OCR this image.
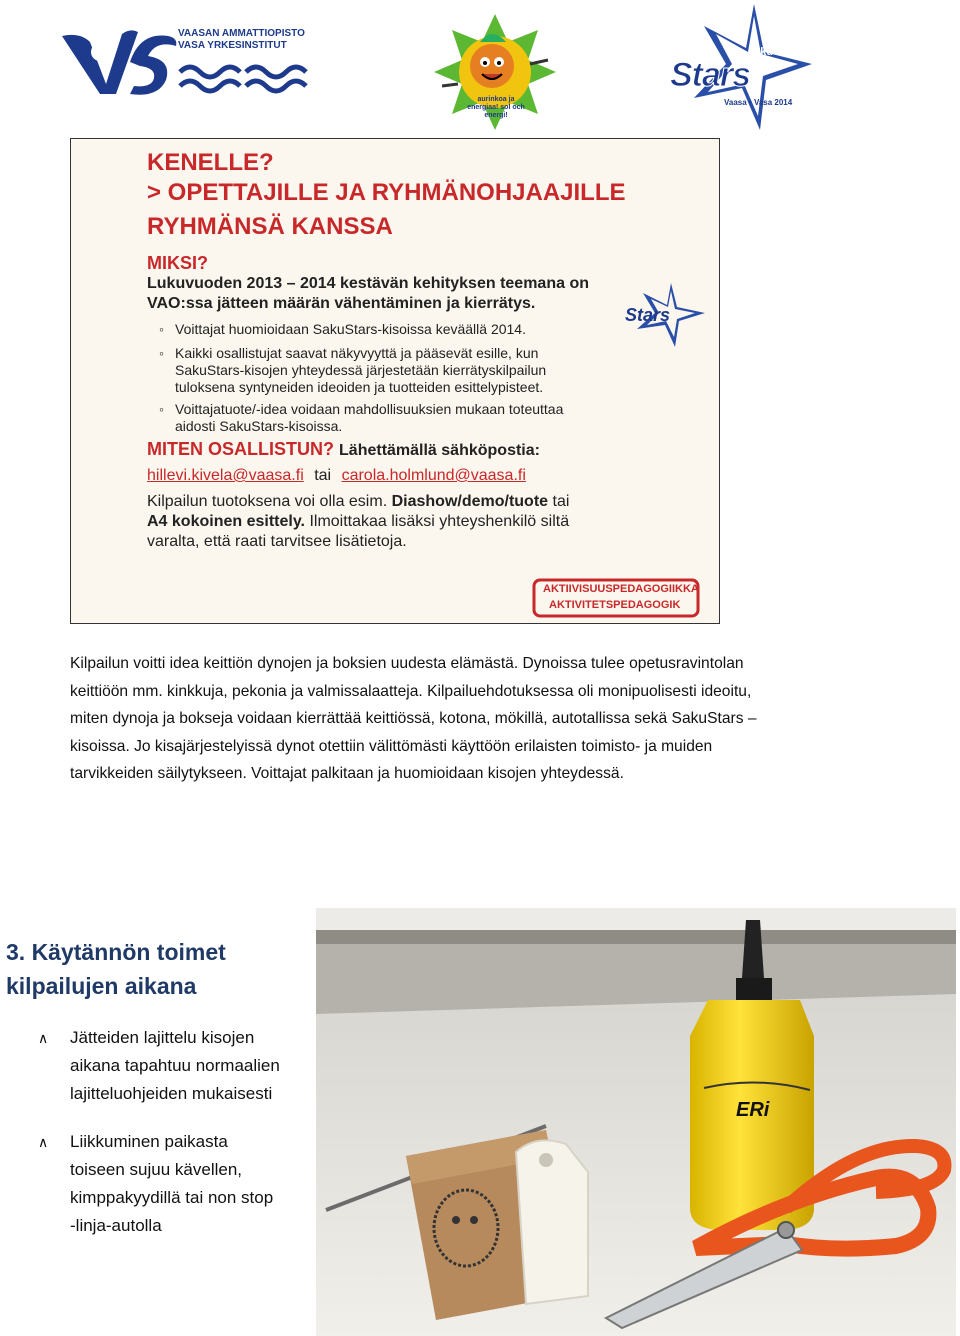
VAASAN AMMATTIOPISTO
VASA YRKESINSTITUT
aurinkoa ja energiaa! sol och energi!
saku
Stars
Vaasa • Vasa 2014
KENELLE?
> OPETTAJILLE JA RYHMÄNOHJAAJILLE
RYHMÄNSÄ KANSSA
MIKSI?
Lukuvuoden 2013 – 2014 kestävän kehityksen teemana on
VAO:ssa jätteen määrän vähentäminen ja kierrätys.
◦ Voittajat huomioidaan SakuStars-kisoissa keväällä 2014.
◦ Kaikki osallistujat saavat näkyvyyttä ja pääsevät esille, kun
SakuStars-kisojen yhteydessä järjestetään kierrätyskilpailun
tuloksena syntyneiden ideoiden ja tuotteiden esittelypisteet.
◦ Voittajatuote/-idea voidaan mahdollisuuksien mukaan toteuttaa
aidosti SakuStars-kisoissa.
Stars
MITEN OSALLISTUN? Lähettämällä sähköpostia:
hillevi.kivela@vaasa.fi tai carola.holmlund@vaasa.fi
Kilpailun tuotoksena voi olla esim. Diashow/demo/tuote tai
A4 kokoinen esittely. Ilmoittakaa lisäksi yhteyshenkilö siltä
varalta, että raati tarvitsee lisätietoja.
AKTIIVISUUSPEDAGOGIIKKA
AKTIVITETSPEDAGOGIK
Kilpailun voitti idea keittiön dynojen ja boksien uudesta elämästä. Dynoissa tulee opetusravintolan
keittiöön mm. kinkkuja, pekonia ja valmissalaatteja. Kilpailuehdotuksessa oli monipuolisesti ideoitu,
miten dynoja ja bokseja voidaan kierrättää keittiössä, kotona, mökillä, autotallissa sekä SakuStars –
kisoissa. Jo kisajärjestelyissä dynot otettiin välittömästi käyttöön erilaisten toimisto- ja muiden
tarvikkeiden säilytykseen. Voittajat palkitaan ja huomioidaan kisojen yhteydessä.
3. Käytännön toimet
kilpailujen aikana
∧ Jätteiden lajittelu kisojen
aikana tapahtuu normaalien
lajitteluohjeiden mukaisesti
∧ Liikkuminen paikasta
toiseen sujuu kävellen,
kimppakyydillä tai non stop
-linja-autolla
ERi
